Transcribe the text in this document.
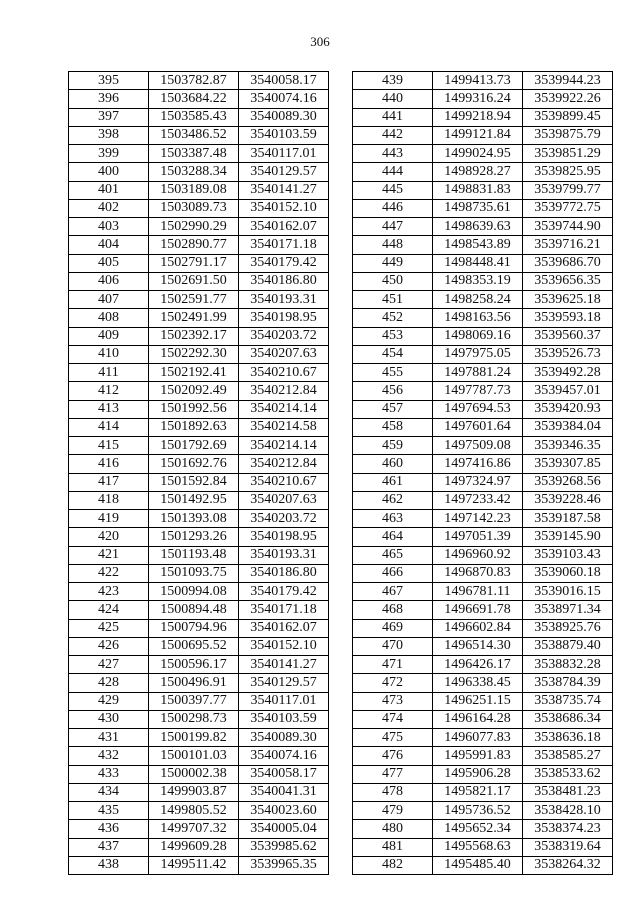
306
395	1503782.87	3540058.17
396	1503684.22	3540074.16
397	1503585.43	3540089.30
398	1503486.52	3540103.59
399	1503387.48	3540117.01
400	1503288.34	3540129.57
401	1503189.08	3540141.27
402	1503089.73	3540152.10
403	1502990.29	3540162.07
404	1502890.77	3540171.18
405	1502791.17	3540179.42
406	1502691.50	3540186.80
407	1502591.77	3540193.31
408	1502491.99	3540198.95
409	1502392.17	3540203.72
410	1502292.30	3540207.63
411	1502192.41	3540210.67
412	1502092.49	3540212.84
413	1501992.56	3540214.14
414	1501892.63	3540214.58
415	1501792.69	3540214.14
416	1501692.76	3540212.84
417	1501592.84	3540210.67
418	1501492.95	3540207.63
419	1501393.08	3540203.72
420	1501293.26	3540198.95
421	1501193.48	3540193.31
422	1501093.75	3540186.80
423	1500994.08	3540179.42
424	1500894.48	3540171.18
425	1500794.96	3540162.07
426	1500695.52	3540152.10
427	1500596.17	3540141.27
428	1500496.91	3540129.57
429	1500397.77	3540117.01
430	1500298.73	3540103.59
431	1500199.82	3540089.30
432	1500101.03	3540074.16
433	1500002.38	3540058.17
434	1499903.87	3540041.31
435	1499805.52	3540023.60
436	1499707.32	3540005.04
437	1499609.28	3539985.62
438	1499511.42	3539965.35
439	1499413.73	3539944.23
440	1499316.24	3539922.26
441	1499218.94	3539899.45
442	1499121.84	3539875.79
443	1499024.95	3539851.29
444	1498928.27	3539825.95
445	1498831.83	3539799.77
446	1498735.61	3539772.75
447	1498639.63	3539744.90
448	1498543.89	3539716.21
449	1498448.41	3539686.70
450	1498353.19	3539656.35
451	1498258.24	3539625.18
452	1498163.56	3539593.18
453	1498069.16	3539560.37
454	1497975.05	3539526.73
455	1497881.24	3539492.28
456	1497787.73	3539457.01
457	1497694.53	3539420.93
458	1497601.64	3539384.04
459	1497509.08	3539346.35
460	1497416.86	3539307.85
461	1497324.97	3539268.56
462	1497233.42	3539228.46
463	1497142.23	3539187.58
464	1497051.39	3539145.90
465	1496960.92	3539103.43
466	1496870.83	3539060.18
467	1496781.11	3539016.15
468	1496691.78	3538971.34
469	1496602.84	3538925.76
470	1496514.30	3538879.40
471	1496426.17	3538832.28
472	1496338.45	3538784.39
473	1496251.15	3538735.74
474	1496164.28	3538686.34
475	1496077.83	3538636.18
476	1495991.83	3538585.27
477	1495906.28	3538533.62
478	1495821.17	3538481.23
479	1495736.52	3538428.10
480	1495652.34	3538374.23
481	1495568.63	3538319.64
482	1495485.40	3538264.32
